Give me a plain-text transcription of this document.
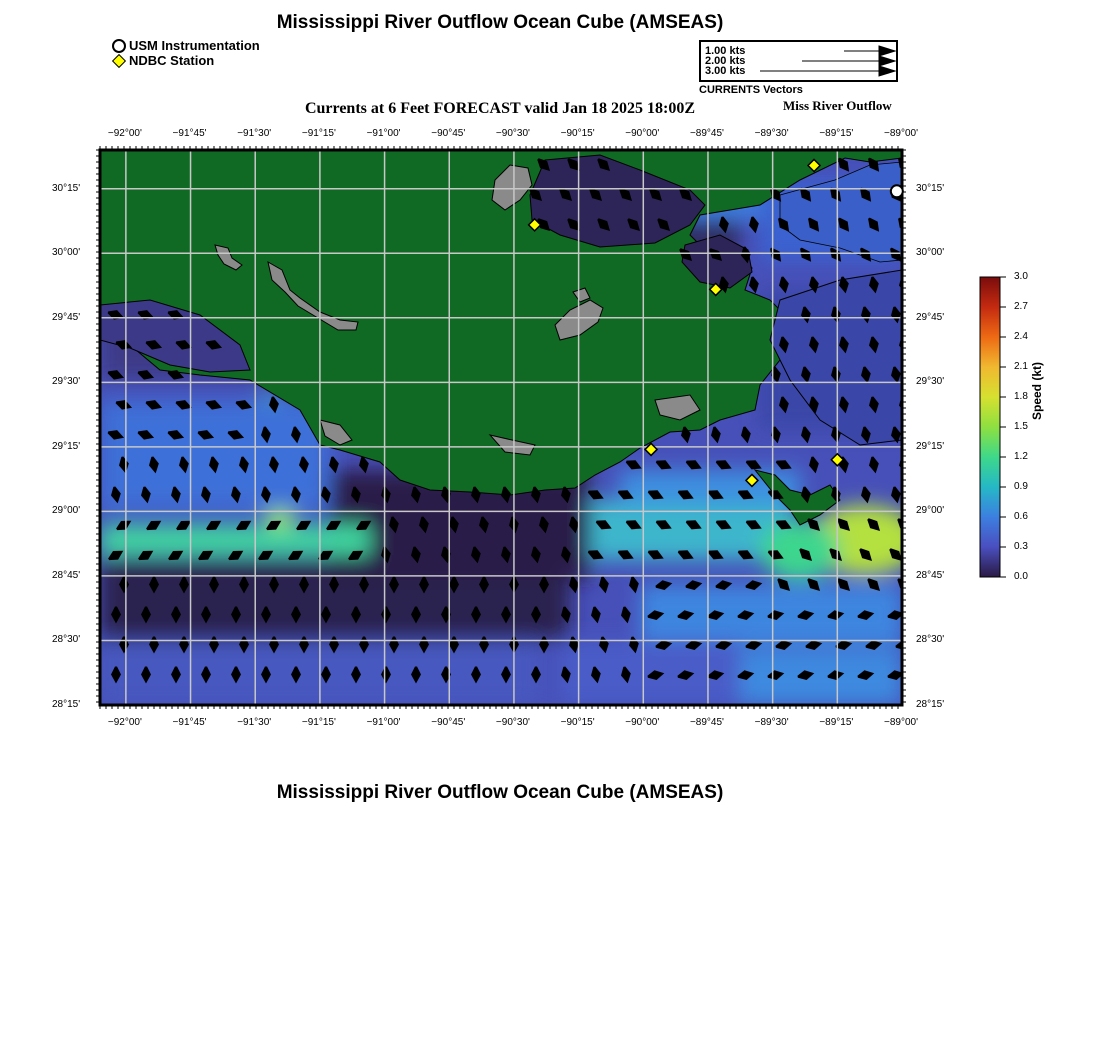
Mississippi River Outflow Ocean Cube (AMSEAS)
USM Instrumentation
NDBC Station
1.00 kts
2.00 kts
3.00 kts
CURRENTS Vectors
Currents at 6 Feet FORECAST valid Jan 18 2025 18:00Z	Miss River Outflow
−92°00'
−92°00'
−91°45'
−91°45'
−91°30'
−91°30'
−91°15'
−91°15'
−91°00'
−91°00'
−90°45'
−90°45'
−90°30'
−90°30'
−90°15'
−90°15'
−90°00'
−90°00'
−89°45'
−89°45'
−89°30'
−89°30'
−89°15'
−89°15'
−89°00'
−89°00'
30°15'	30°15'
30°00'	30°00'
29°45'	29°45'
29°30'	29°30'
29°15'	29°15'
29°00'	29°00'
28°45'	28°45'
28°30'	28°30'
28°15'	28°15'
3.0
2.7
2.4
2.1
1.8
1.5
1.2
0.9
0.6
0.3
0.0
Speed (kt)
Mississippi River Outflow Ocean Cube (AMSEAS)
